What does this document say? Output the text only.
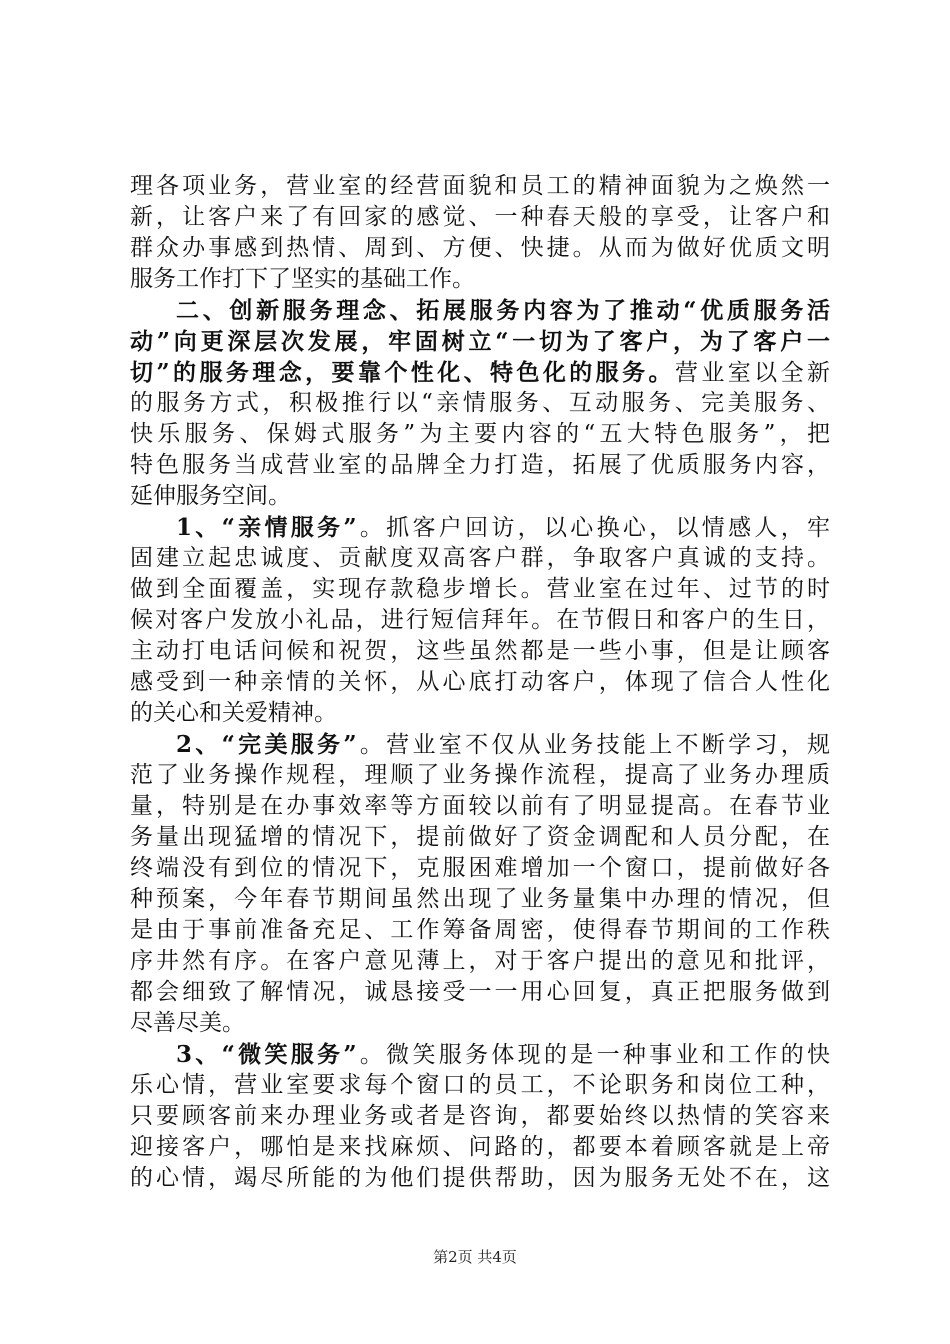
理各项业务，营业室的经营面貌和员工的精神面貌为之焕然一
新，让客户来了有回家的感觉、一种春天般的享受，让客户和
群众办事感到热情、周到、方便、快捷。从而为做好优质文明
服务工作打下了坚实的基础工作。
二、创新服务理念、拓展服务内容为了推动“优质服务活
动”向更深层次发展，牢固树立“一切为了客户，为了客户一
切”的服务理念，要靠个性化、特色化的服务。营业室以全新
的服务方式，积极推行以“亲情服务、互动服务、完美服务、
快乐服务、保姆式服务”为主要内容的“五大特色服务”，把
特色服务当成营业室的品牌全力打造，拓展了优质服务内容，
延伸服务空间。
1、“亲情服务”。抓客户回访，以心换心，以情感人，牢
固建立起忠诚度、贡献度双高客户群，争取客户真诚的支持。
做到全面覆盖，实现存款稳步增长。营业室在过年、过节的时
候对客户发放小礼品，进行短信拜年。在节假日和客户的生日，
主动打电话问候和祝贺，这些虽然都是一些小事，但是让顾客
感受到一种亲情的关怀，从心底打动客户，体现了信合人性化
的关心和关爱精神。
2、“完美服务”。营业室不仅从业务技能上不断学习，规
范了业务操作规程，理顺了业务操作流程，提高了业务办理质
量，特别是在办事效率等方面较以前有了明显提高。在春节业
务量出现猛增的情况下，提前做好了资金调配和人员分配，在
终端没有到位的情况下，克服困难增加一个窗口，提前做好各
种预案，今年春节期间虽然出现了业务量集中办理的情况，但
是由于事前准备充足、工作筹备周密，使得春节期间的工作秩
序井然有序。在客户意见薄上，对于客户提出的意见和批评，
都会细致了解情况，诚恳接受一一用心回复，真正把服务做到
尽善尽美。
3、“微笑服务”。微笑服务体现的是一种事业和工作的快
乐心情，营业室要求每个窗口的员工，不论职务和岗位工种，
只要顾客前来办理业务或者是咨询，都要始终以热情的笑容来
迎接客户，哪怕是来找麻烦、问路的，都要本着顾客就是上帝
的心情，竭尽所能的为他们提供帮助，因为服务无处不在，这
第2页 共4页
